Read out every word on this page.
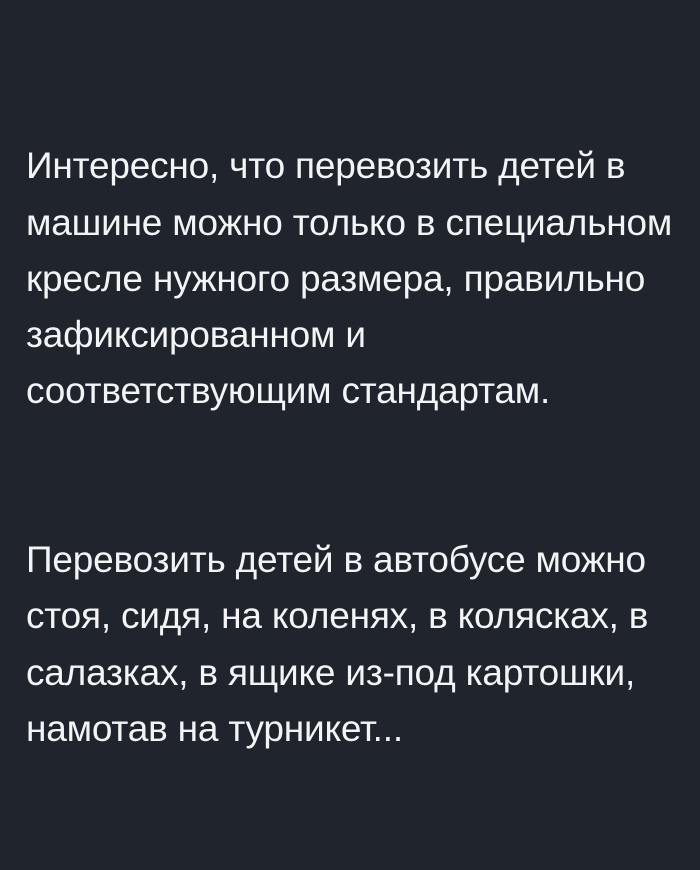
Интересно, что перевозить детей в машине можно только в специальном кресле нужного размера, правильно зафиксированном и соответствующим стандартам.

Перевозить детей в автобусе можно стоя, сидя, на коленях, в колясках, в салазках, в ящике из-под картошки, намотав на турникет...
